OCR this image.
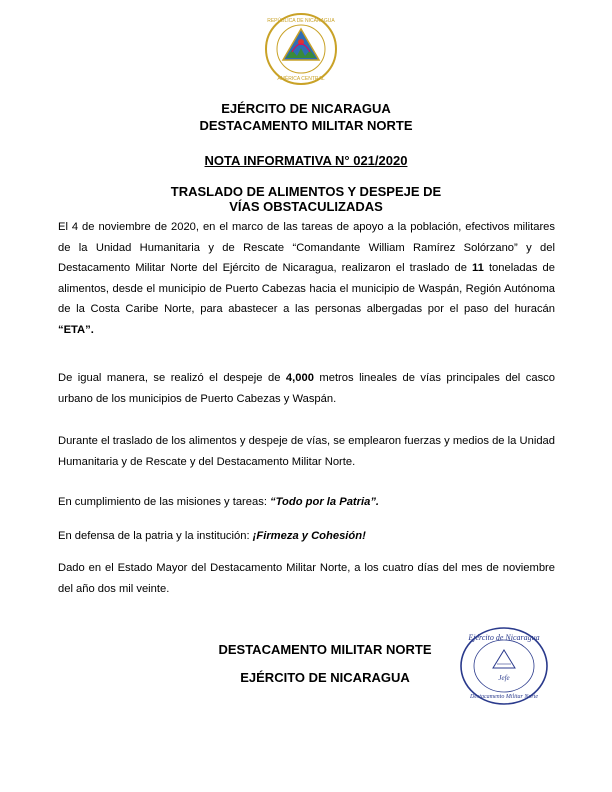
REPÚBLICA DE NICARAGUA
AMÉRICA CENTRAL
EJÉRCITO DE NICARAGUA
DESTACAMENTO MILITAR NORTE
NOTA INFORMATIVA N° 021/2020
TRASLADO DE ALIMENTOS Y DESPEJE DE
VÍAS OBSTACULIZADAS
El 4 de noviembre de 2020, en el marco de las tareas de apoyo a la población, efectivos militares de la Unidad Humanitaria y de Rescate “Comandante William Ramírez Solórzano” y del Destacamento Militar Norte del Ejército de Nicaragua, realizaron el traslado de 11 toneladas de alimentos, desde el municipio de Puerto Cabezas hacia el municipio de Waspán, Región Autónoma de la Costa Caribe Norte, para abastecer a las personas albergadas por el paso del huracán “ETA”.
De igual manera, se realizó el despeje de 4,000 metros lineales de vías principales del casco urbano de los municipios de Puerto Cabezas y Waspán.
Durante el traslado de los alimentos y despeje de vías, se emplearon fuerzas y medios de la Unidad Humanitaria y de Rescate y del Destacamento Militar Norte.
En cumplimiento de las misiones y tareas: “Todo por la Patria”.
En defensa de la patria y la institución: ¡Firmeza y Cohesión!
Dado en el Estado Mayor del Destacamento Militar Norte, a los cuatro días del mes de noviembre del año dos mil veinte.
DESTACAMENTO MILITAR NORTE
EJÉRCITO DE NICARAGUA
Ejército de Nicaragua
Jefe
Destacamento Militar Norte
